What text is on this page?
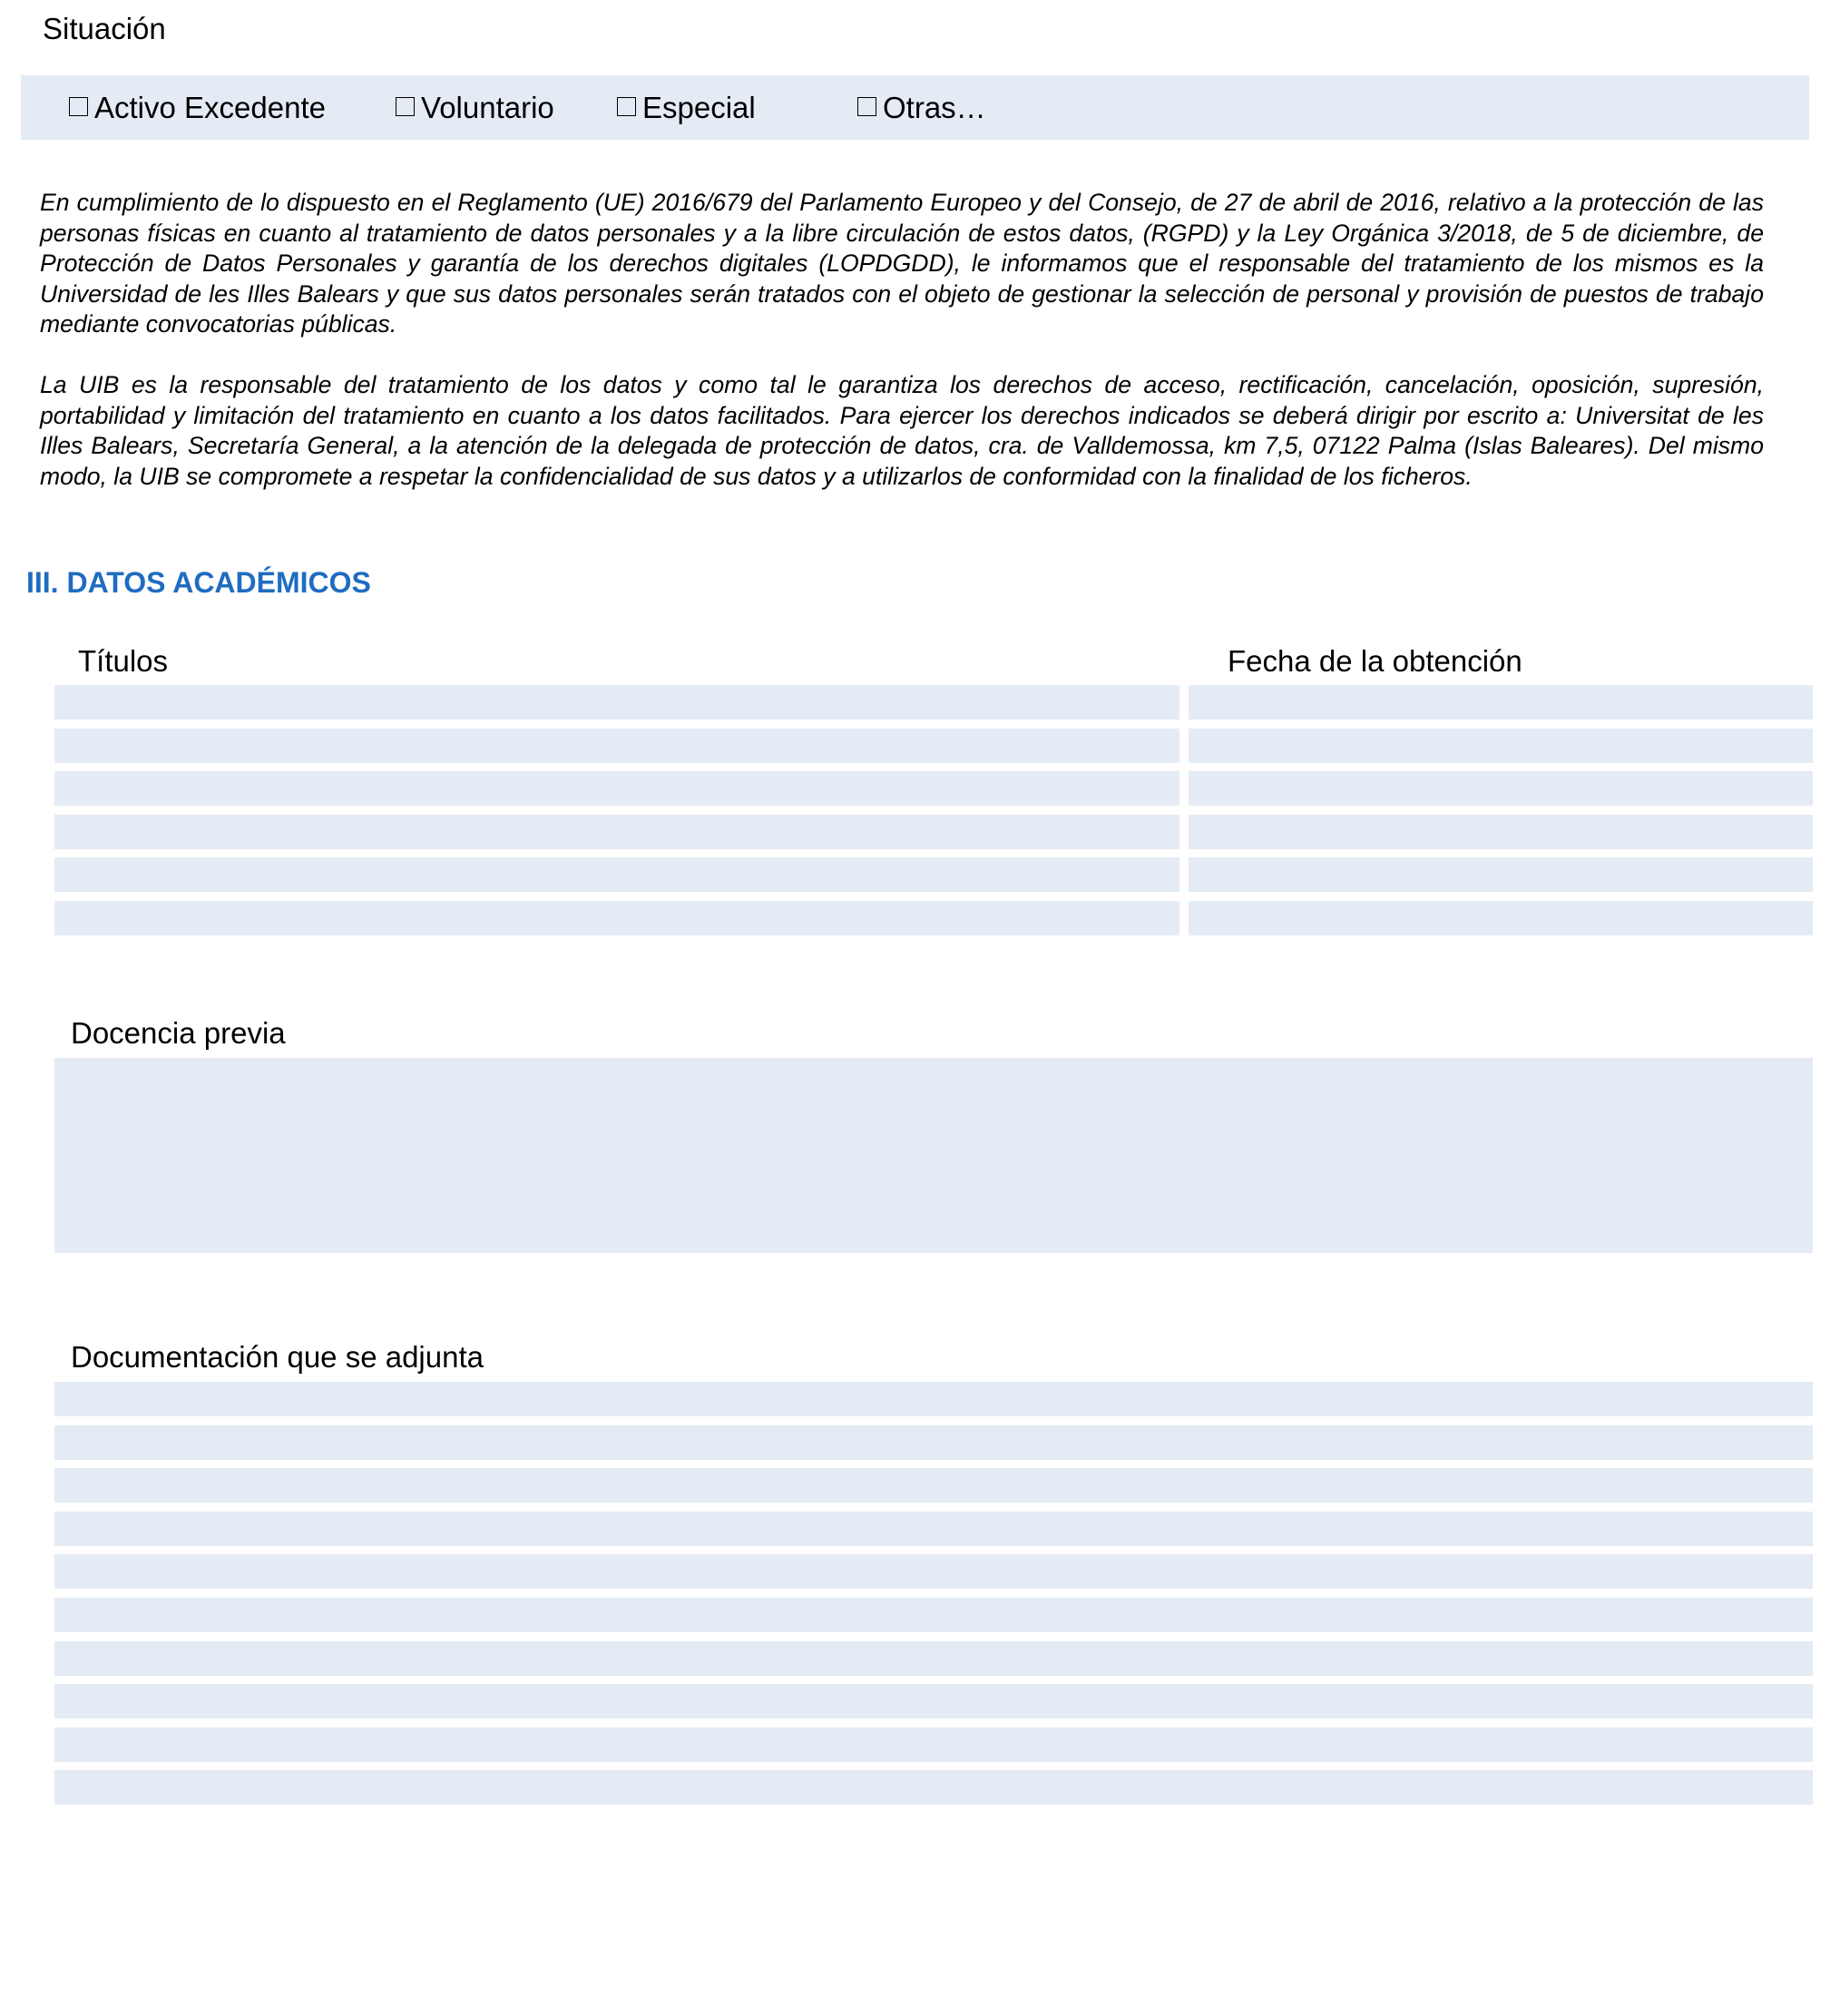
Situación
Activo Excedente	Voluntario	Especial	Otras…

En cumplimiento de lo dispuesto en el Reglamento (UE) 2016/679 del Parlamento Europeo y del Consejo, de 27 de abril de 2016, relativo a la protección de las personas físicas en cuanto al tratamiento de datos personales y a la libre circulación de estos datos, (RGPD) y la Ley Orgánica 3/2018, de 5 de diciembre, de Protección de Datos Personales y garantía de los derechos digitales (LOPDGDD), le informamos que el responsable del tratamiento de los mismos es la Universidad de les Illes Balears y que sus datos personales serán tratados con el objeto de gestionar la selección de personal y provisión de puestos de trabajo mediante convocatorias públicas.

La UIB es la responsable del tratamiento de los datos y como tal le garantiza los derechos de acceso, rectificación, cancelación, oposición, supresión, portabilidad y limitación del tratamiento en cuanto a los datos facilitados. Para ejercer los derechos indicados se deberá dirigir por escrito a: Universitat de les Illes Balears, Secretaría General, a la atención de la delegada de protección de datos, cra. de Valldemossa, km 7,5, 07122 Palma (Islas Baleares). Del mismo modo, la UIB se compromete a respetar la confidencialidad de sus datos y a utilizarlos de conformidad con la finalidad de los ficheros.

III. DATOS ACADÉMICOS
Títulos	Fecha de la obtención
Docencia previa
Documentación que se adjunta
